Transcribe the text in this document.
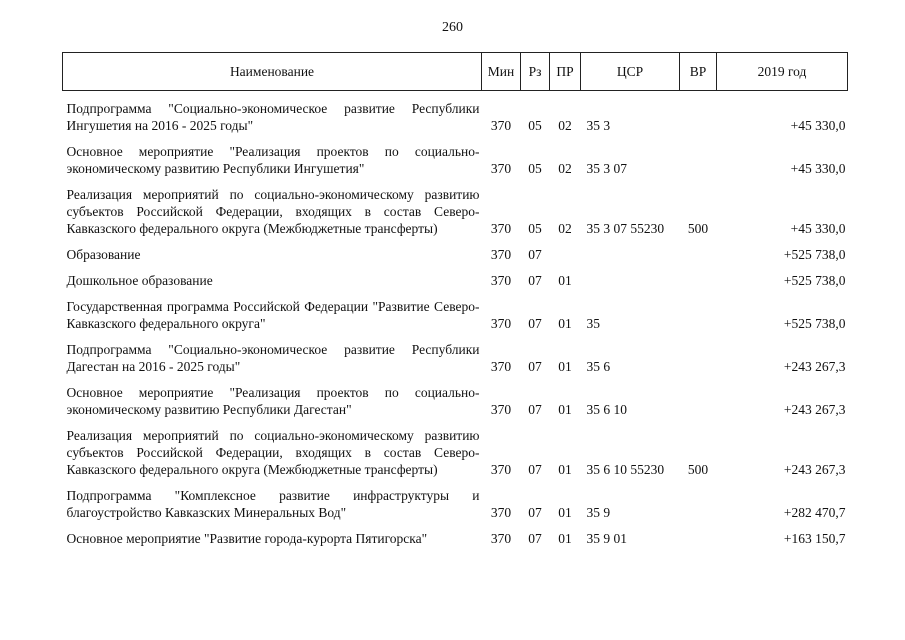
260
Наименование	Мин	Рз	ПР	ЦСР	ВР	2019 год

Подпрограмма "Социально-экономическое развитие Республики Ингушетия на 2016 - 2025 годы"	370	05	02	35 3		+45 330,0
Основное мероприятие "Реализация проектов по социально-экономическому развитию Республики Ингушетия"	370	05	02	35 3 07		+45 330,0
Реализация мероприятий по социально-экономическому развитию субъектов Российской Федерации, входящих в состав Северо-Кавказского федерального округа (Межбюджетные трансферты)	370	05	02	35 3 07 55230	500	+45 330,0
Образование	370	07				+525 738,0
Дошкольное образование	370	07	01			+525 738,0
Государственная программа Российской Федерации "Развитие Северо-Кавказского федерального округа"	370	07	01	35		+525 738,0
Подпрограмма "Социально-экономическое развитие Республики Дагестан на 2016 - 2025 годы"	370	07	01	35 6		+243 267,3
Основное мероприятие "Реализация проектов по социально-экономическому развитию Республики Дагестан"	370	07	01	35 6 10		+243 267,3
Реализация мероприятий по социально-экономическому развитию субъектов Российской Федерации, входящих в состав Северо-Кавказского федерального округа (Межбюджетные трансферты)	370	07	01	35 6 10 55230	500	+243 267,3
Подпрограмма "Комплексное развитие инфраструктуры и благоустройство Кавказских Минеральных Вод"	370	07	01	35 9		+282 470,7
Основное мероприятие "Развитие города-курорта Пятигорска"	370	07	01	35 9 01		+163 150,7
